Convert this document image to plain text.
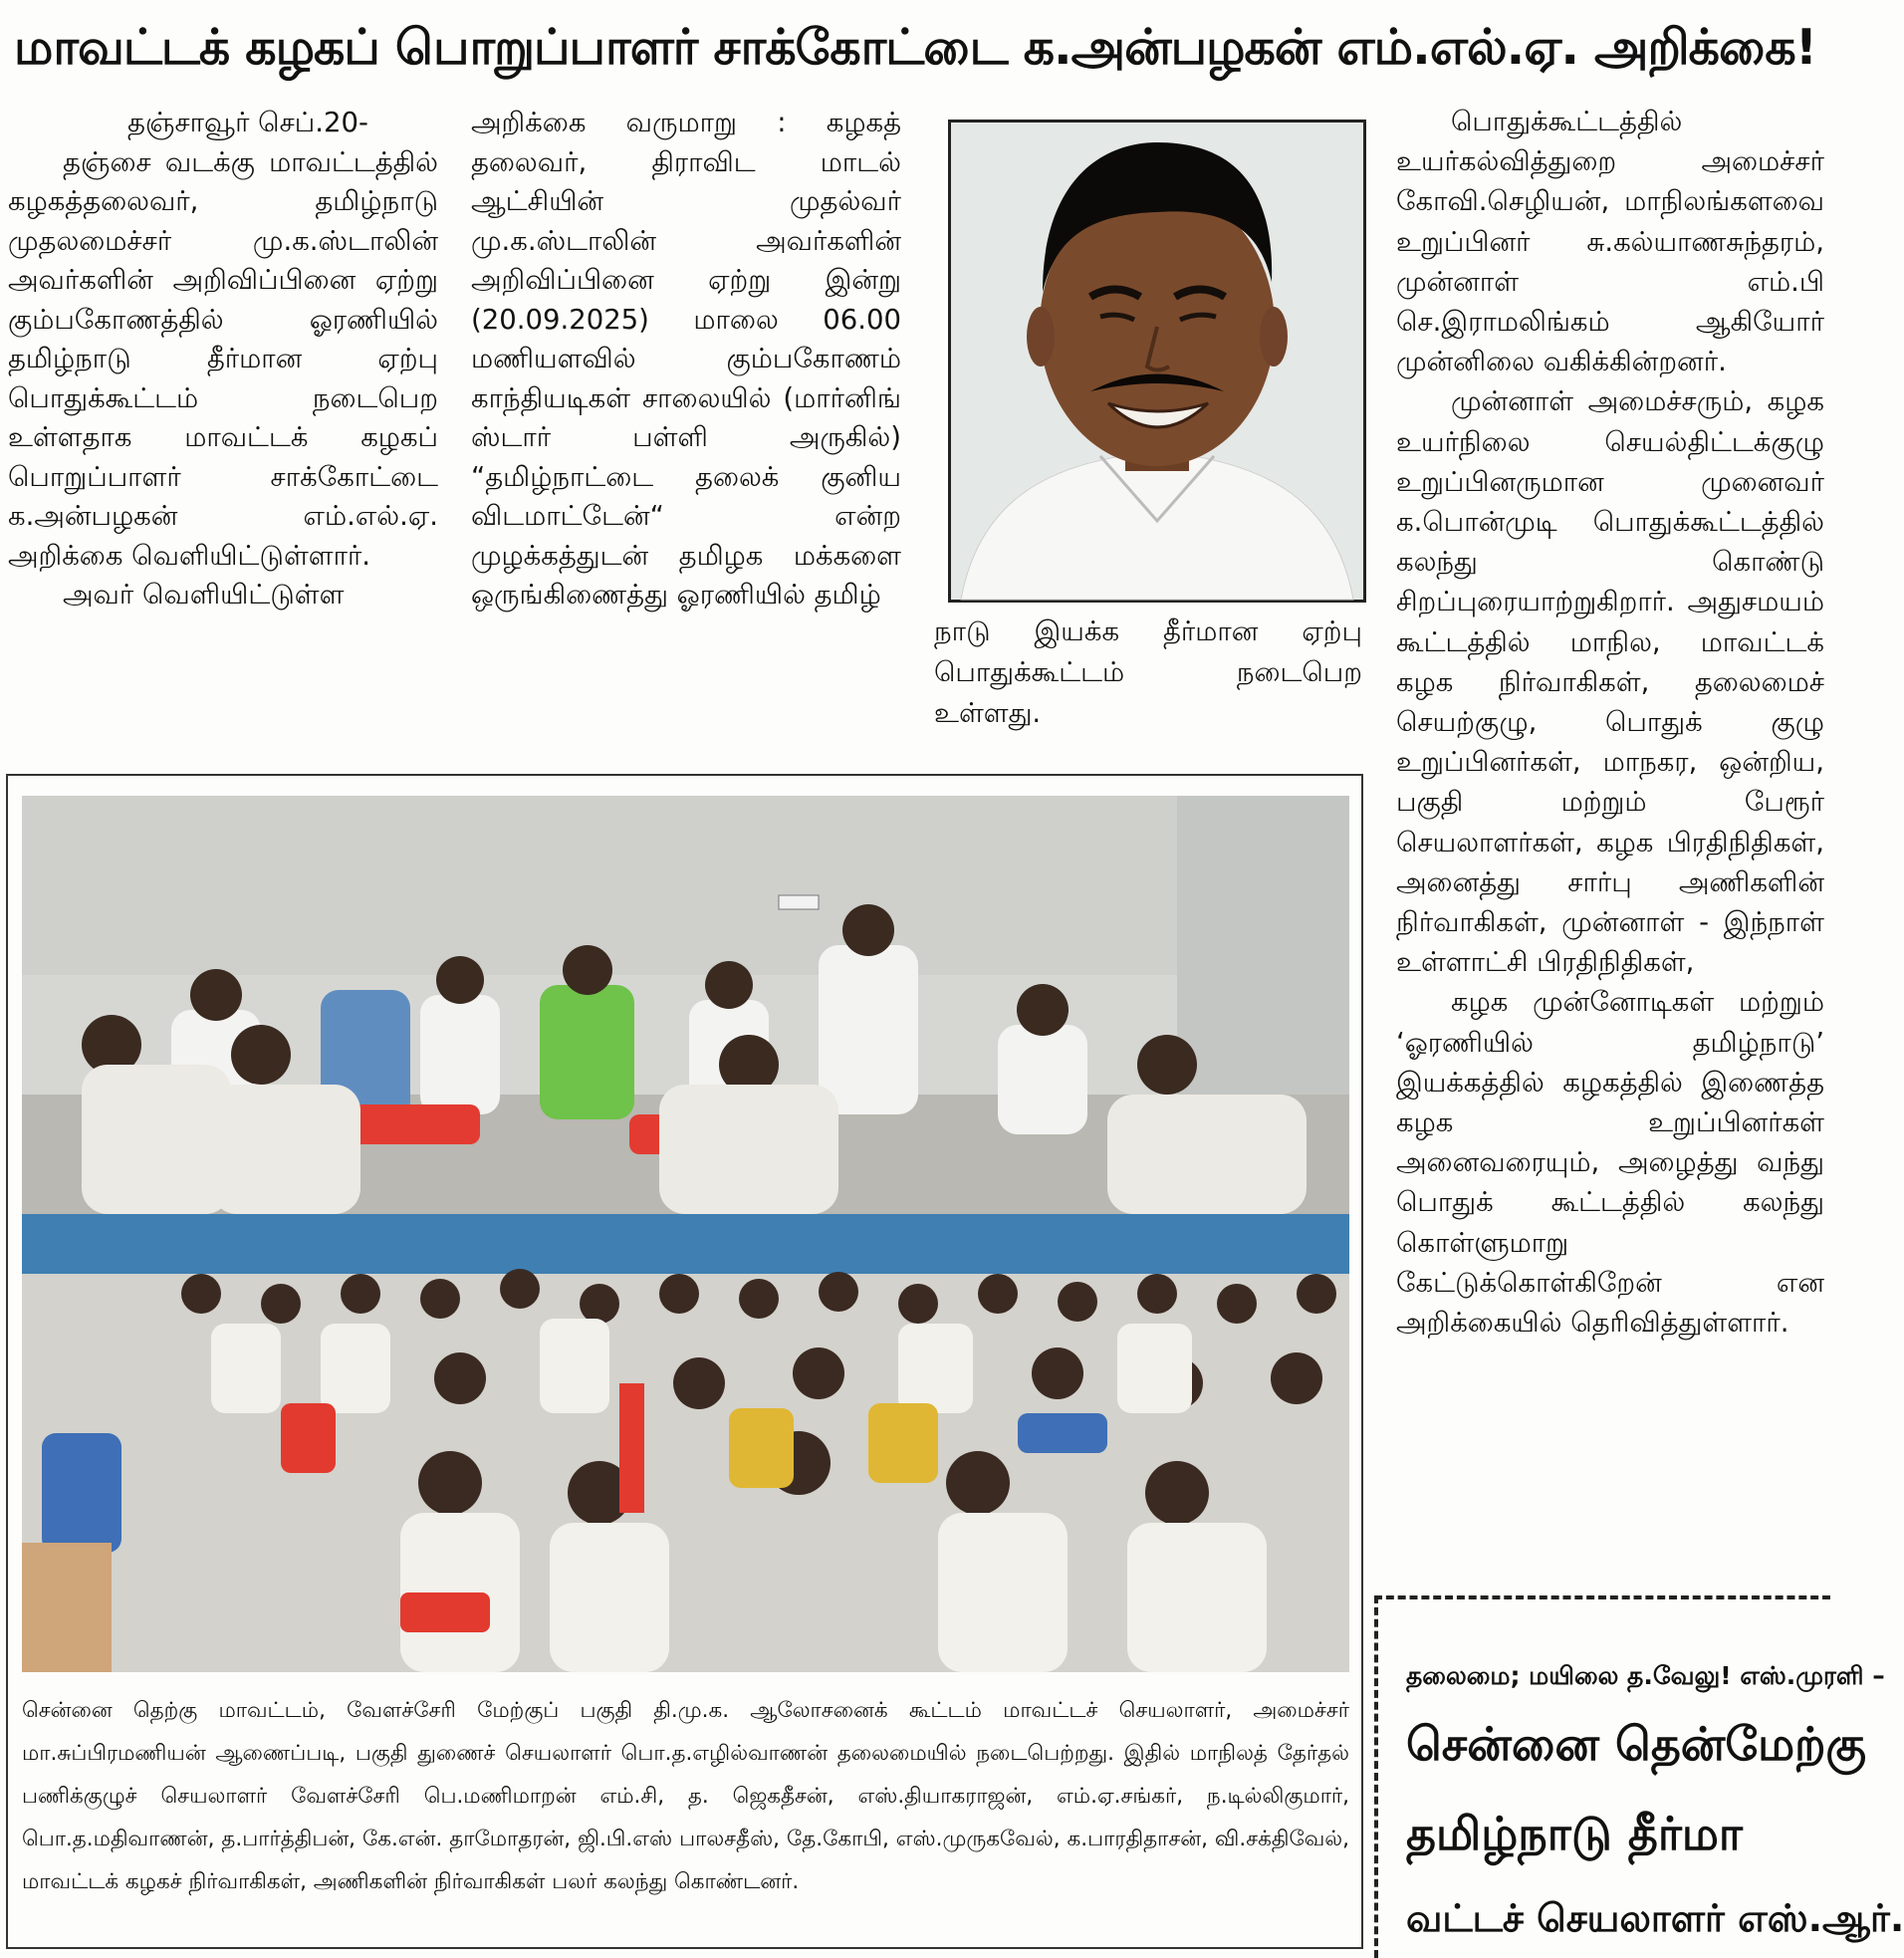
மாவட்டக் கழகப் பொறுப்பாளர் சாக்கோட்டை க.அன்பழகன் எம்.எல்.ஏ. அறிக்கை!

தஞ்சாவூர் செப்.20-

தஞ்சை வடக்கு மாவட்டத்தில் கழகத்தலைவர், தமிழ்நாடு முதலமைச்சர் மு.க.ஸ்டாலின் அவர்களின் அறிவிப்பினை ஏற்று கும்பகோணத்தில் ஓரணியில் தமிழ்நாடு தீர்மான ஏற்பு பொதுக்கூட்டம் நடைபெற உள்ளதாக மாவட்டக் கழகப் பொறுப்பாளர் சாக்கோட்டை க.அன்பழகன் எம்.எல்.ஏ. அறிக்கை வெளியிட்டுள்ளார்.

அவர் வெளியிட்டுள்ள

அறிக்கை வருமாறு : கழகத் தலைவர், திராவிட மாடல் ஆட்சியின் முதல்வர் மு.க.ஸ்டாலின் அவர்களின் அறிவிப்பினை ஏற்று இன்று (20.09.2025) மாலை 06.00 மணியளவில் கும்பகோணம் காந்தியடிகள் சாலையில் (மார்னிங் ஸ்டார் பள்ளி அருகில்) “தமிழ்நாட்டை தலைக் குனிய விடமாட்டேன்“ என்ற முழக்கத்துடன் தமிழக மக்களை ஒருங்கிணைத்து ஓரணியில் தமிழ்

நாடு இயக்க தீர்மான ஏற்பு பொதுக்கூட்டம் நடைபெற உள்ளது.

பொதுக்கூட்டத்தில் உயர்கல்வித்துறை அமைச்சர் கோவி.செழியன், மாநிலங்களவை உறுப்பினர் சு.கல்யாணசுந்தரம், முன்னாள் எம்.பி செ.இராமலிங்கம் ஆகியோர் முன்னிலை வகிக்கின்றனர்.

முன்னாள் அமைச்சரும், கழக உயர்நிலை செயல்திட்டக்குழு உறுப்பினருமான முனைவர் க.பொன்முடி பொதுக்கூட்டத்தில் கலந்து கொண்டு சிறப்புரையாற்றுகிறார். அதுசமயம் கூட்டத்தில் மாநில, மாவட்டக் கழக நிர்வாகிகள், தலைமைச் செயற்குழு, பொதுக் குழு உறுப்பினர்கள், மாநகர, ஒன்றிய, பகுதி மற்றும் பேரூர் செயலாளர்கள், கழக பிரதிநிதிகள், அனைத்து சார்பு அணிகளின் நிர்வாகிகள், முன்னாள் - இந்நாள் உள்ளாட்சி பிரதிநிதிகள்,

கழக முன்னோடிகள் மற்றும் ‘ஓரணியில் தமிழ்நாடு’ இயக்கத்தில் கழகத்தில் இணைத்த கழக உறுப்பினர்கள் அனைவரையும், அழைத்து வந்து பொதுக் கூட்டத்தில் கலந்து கொள்ளுமாறு கேட்டுக்கொள்கிறேன் என அறிக்கையில் தெரிவித்துள்ளார்.

சென்னை தெற்கு மாவட்டம், வேளச்சேரி மேற்குப் பகுதி தி.மு.க. ஆலோசனைக் கூட்டம் மாவட்டச் செயலாளர், அமைச்சர் மா.சுப்பிரமணியன் ஆணைப்படி, பகுதி துணைச் செயலாளர் பொ.த.எழில்வாணன் தலைமையில் நடைபெற்றது. இதில் மாநிலத் தேர்தல் பணிக்குழுச் செயலாளர் வேளச்சேரி பெ.மணிமாறன் எம்.சி, த. ஜெகதீசன், எஸ்.தியாகராஜன், எம்.ஏ.சங்கர், ந.டில்லிகுமார், பொ.த.மதிவாணன், த.பார்த்திபன், கே.என். தாமோதரன், ஜி.பி.எஸ் பாலசதீஸ், தே.கோபி, எஸ்.முருகவேல், க.பாரதிதாசன், வி.சக்திவேல், மாவட்டக் கழகச் நிர்வாகிகள், அணிகளின் நிர்வாகிகள் பலர் கலந்து கொண்டனர்.
தலைமை; மயிலை த.வேலு! எஸ்.முரளி –
சென்னை தென்மேற்கு
தமிழ்நாடு தீர்மா
வட்டச் செயலாளர் எஸ்.ஆர்.
